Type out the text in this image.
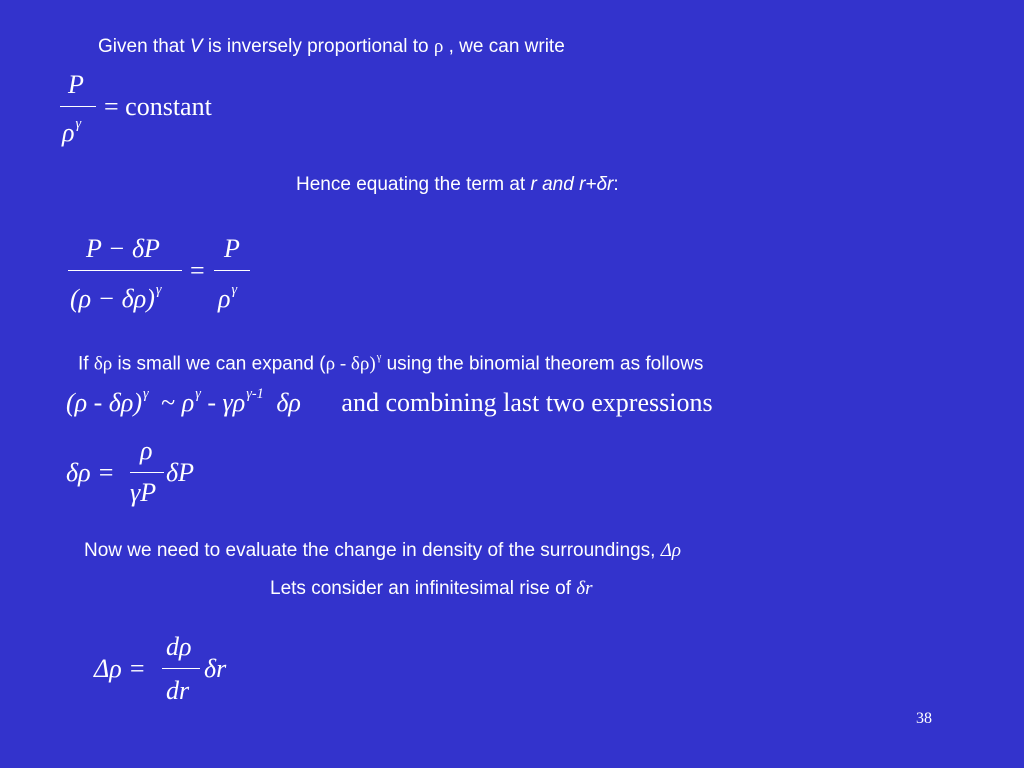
Given that V is inversely proportional to ρ , we can write
P
$\rho^\gamma$
= constant
Hence equating the term at r and r+δr:
P − δP
$(\rho - \delta\rho)^\gamma$
=
P
$\rho^\gamma$
If δρ is small we can expand (ρ - δρ)$^\gamma$ using the binomial theorem as follows
(ρ - δρ)$^\gamma$ ~ $\rho^\gamma - \gamma\rho^{\gamma-1}$ δρ and combining last two expressions
δρ =
ρ
γP
δP
Now we need to evaluate the change in density of the surroundings, Δρ
Lets consider an infinitesimal rise of δr
Δρ =
dρ
dr
δr
38
